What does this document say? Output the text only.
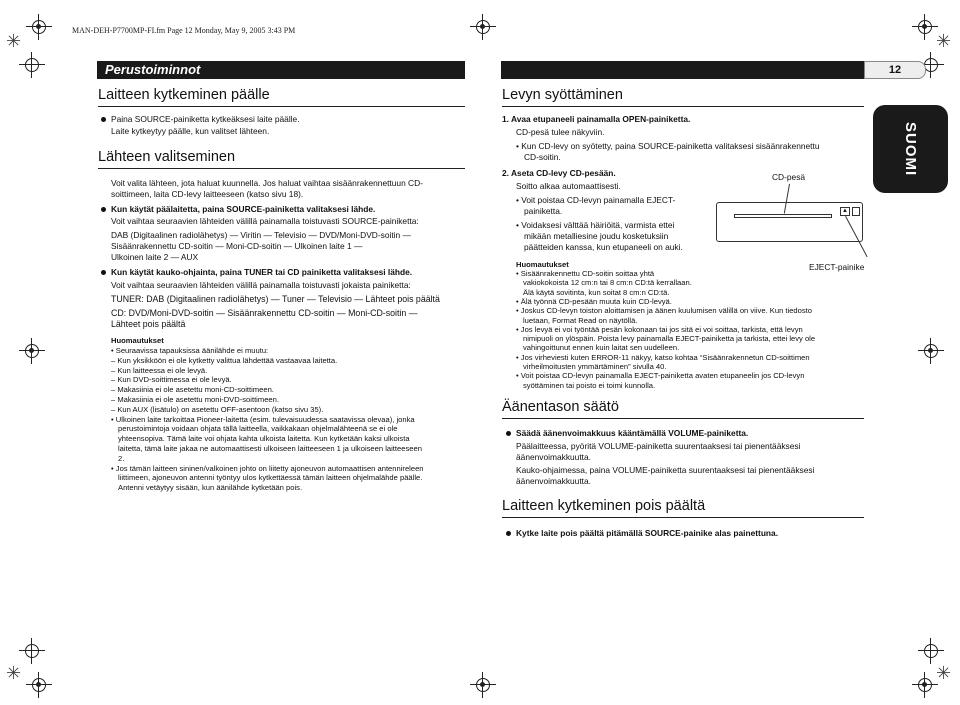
MAN-DEH-P7700MP-FI.fm Page 12 Monday, May 9, 2005 3:43 PM
Perustoiminnot	12
SUOMI
Laitteen kytkeminen päälle
Paina SOURCE-painiketta kytkeäksesi laite päälle.
Laite kytkeytyy päälle, kun valitset lähteen.
Lähteen valitseminen
Voit valita lähteen, jota haluat kuunnella. Jos haluat vaihtaa sisäänrakennettuun CD-
soittimeen, laita CD-levy laitteeseen (katso sivu 18).
Kun käytät päälaitetta, paina SOURCE-painiketta valitaksesi lähde.
Voit vaihtaa seuraavien lähteiden välillä painamalla toistuvasti SOURCE-painiketta:
DAB (Digitaalinen radiolähetys) — Viritin — Televisio — DVD/Moni-DVD-soitin —
Sisäänrakennettu CD-soitin — Moni-CD-soitin — Ulkoinen laite 1 —
Ulkoinen laite 2 — AUX
Kun käytät kauko-ohjainta, paina TUNER tai CD painiketta valitaksesi lähde.
Voit vaihtaa seuraavien lähteiden välillä painamalla toistuvasti jokaista painiketta:
TUNER: DAB (Digitaalinen radiolähetys) — Tuner — Televisio — Lähteet pois päältä
CD: DVD/Moni-DVD-soitin — Sisäänrakennettu CD-soitin — Moni-CD-soitin —
Lähteet pois päältä
Huomautukset
• Seuraavissa tapauksissa äänilähde ei muutu:
– Kun yksikköön ei ole kytketty valittua lähdettää vastaavaa laitetta.
– Kun laitteessa ei ole levyä.
– Kun DVD-soittimessa ei ole levyä.
– Makasiinia ei ole asetettu moni-CD-soittimeen.
– Makasiinia ei ole asetettu moni-DVD-soittimeen.
– Kun AUX (lisätulo) on asetettu OFF-asentoon (katso sivu 35).
• Ulkoinen laite tarkoittaa Pioneer-laitetta (esim. tulevaisuudessa saatavissa olevaa), jonka
perustoimintoja voidaan ohjata tällä laitteella, vaikkakaan ohjelmalähteenä se ei ole
yhteensopiva. Tämä laite voi ohjata kahta ulkoista laitetta. Kun kytketään kaksi ulkoista
laitetta, tämä laite jakaa ne automaattisesti ulkoiseen laitteeseen 1 ja ulkoiseen laitteeseen
2.
• Jos tämän laitteen sininen/valkoinen johto on liitetty ajoneuvon automaattisen antennireleen
liittimeen, ajoneuvon antenni työntyy ulos kytkettäessä tämän laitteen ohjelmalähde päälle.
Antenni vetäytyy sisään, kun äänilähde kytketään pois.
Levyn syöttäminen
1. Avaa etupaneeli painamalla OPEN-painiketta.
CD-pesä tulee näkyviin.
• Kun CD-levy on syötetty, paina SOURCE-painiketta valitaksesi sisäänrakennettu
CD-soitin.
2. Aseta CD-levy CD-pesään.
Soitto alkaa automaattisesti.
• Voit poistaa CD-levyn painamalla EJECT-
painiketta.
• Voidaksesi välttää häiriöitä, varmista ettei
mikään metalliesine joudu kosketuksiin
päätteiden kanssa, kun etupaneeli on auki.
CD-pesä
▲
EJECT-painike
Huomautukset
• Sisäänrakennettu CD-soitin soittaa yhtä
vakiokokoista 12 cm:n tai 8 cm:n CD:tä kerrallaan.
Älä käytä sovitinta, kun soitat 8 cm:n CD:tä.
• Älä työnnä CD-pesään muuta kuin CD-levyä.
• Joskus CD-levyn toiston aloittamisen ja äänen kuulumisen välillä on viive. Kun tiedosto
luetaan, Format Read on näytöllä.
• Jos levyä ei voi työntää pesän kokonaan tai jos sitä ei voi soittaa, tarkista, että levyn
nimipuoli on ylöspäin. Poista levy painamalla EJECT-painiketta ja tarkista, ettei levy ole
vahingoittunut ennen kuin laitat sen uudelleen.
• Jos virheviesti kuten ERROR-11 näkyy, katso kohtaa “Sisäänrakennetun CD-soittimen
virheilmoitusten ymmärtäminen” sivulla 40.
• Voit poistaa CD-levyn painamalla EJECT-painiketta avaten etupaneelin jos CD-levyn
syöttäminen tai poisto ei toimi kunnolla.
Äänentason säätö
Säädä äänenvoimakkuus kääntämällä VOLUME-painiketta.
Päälaitteessa, pyöritä VOLUME-painiketta suurentaaksesi tai pienentääksesi
äänenvoimakkuutta.
Kauko-ohjaimessa, paina VOLUME-painiketta suurentaaksesi tai pienentääksesi
äänenvoimakkuutta.
Laitteen kytkeminen pois päältä
Kytke laite pois päältä pitämällä SOURCE-painike alas painettuna.
✳	✳
✳	✳
